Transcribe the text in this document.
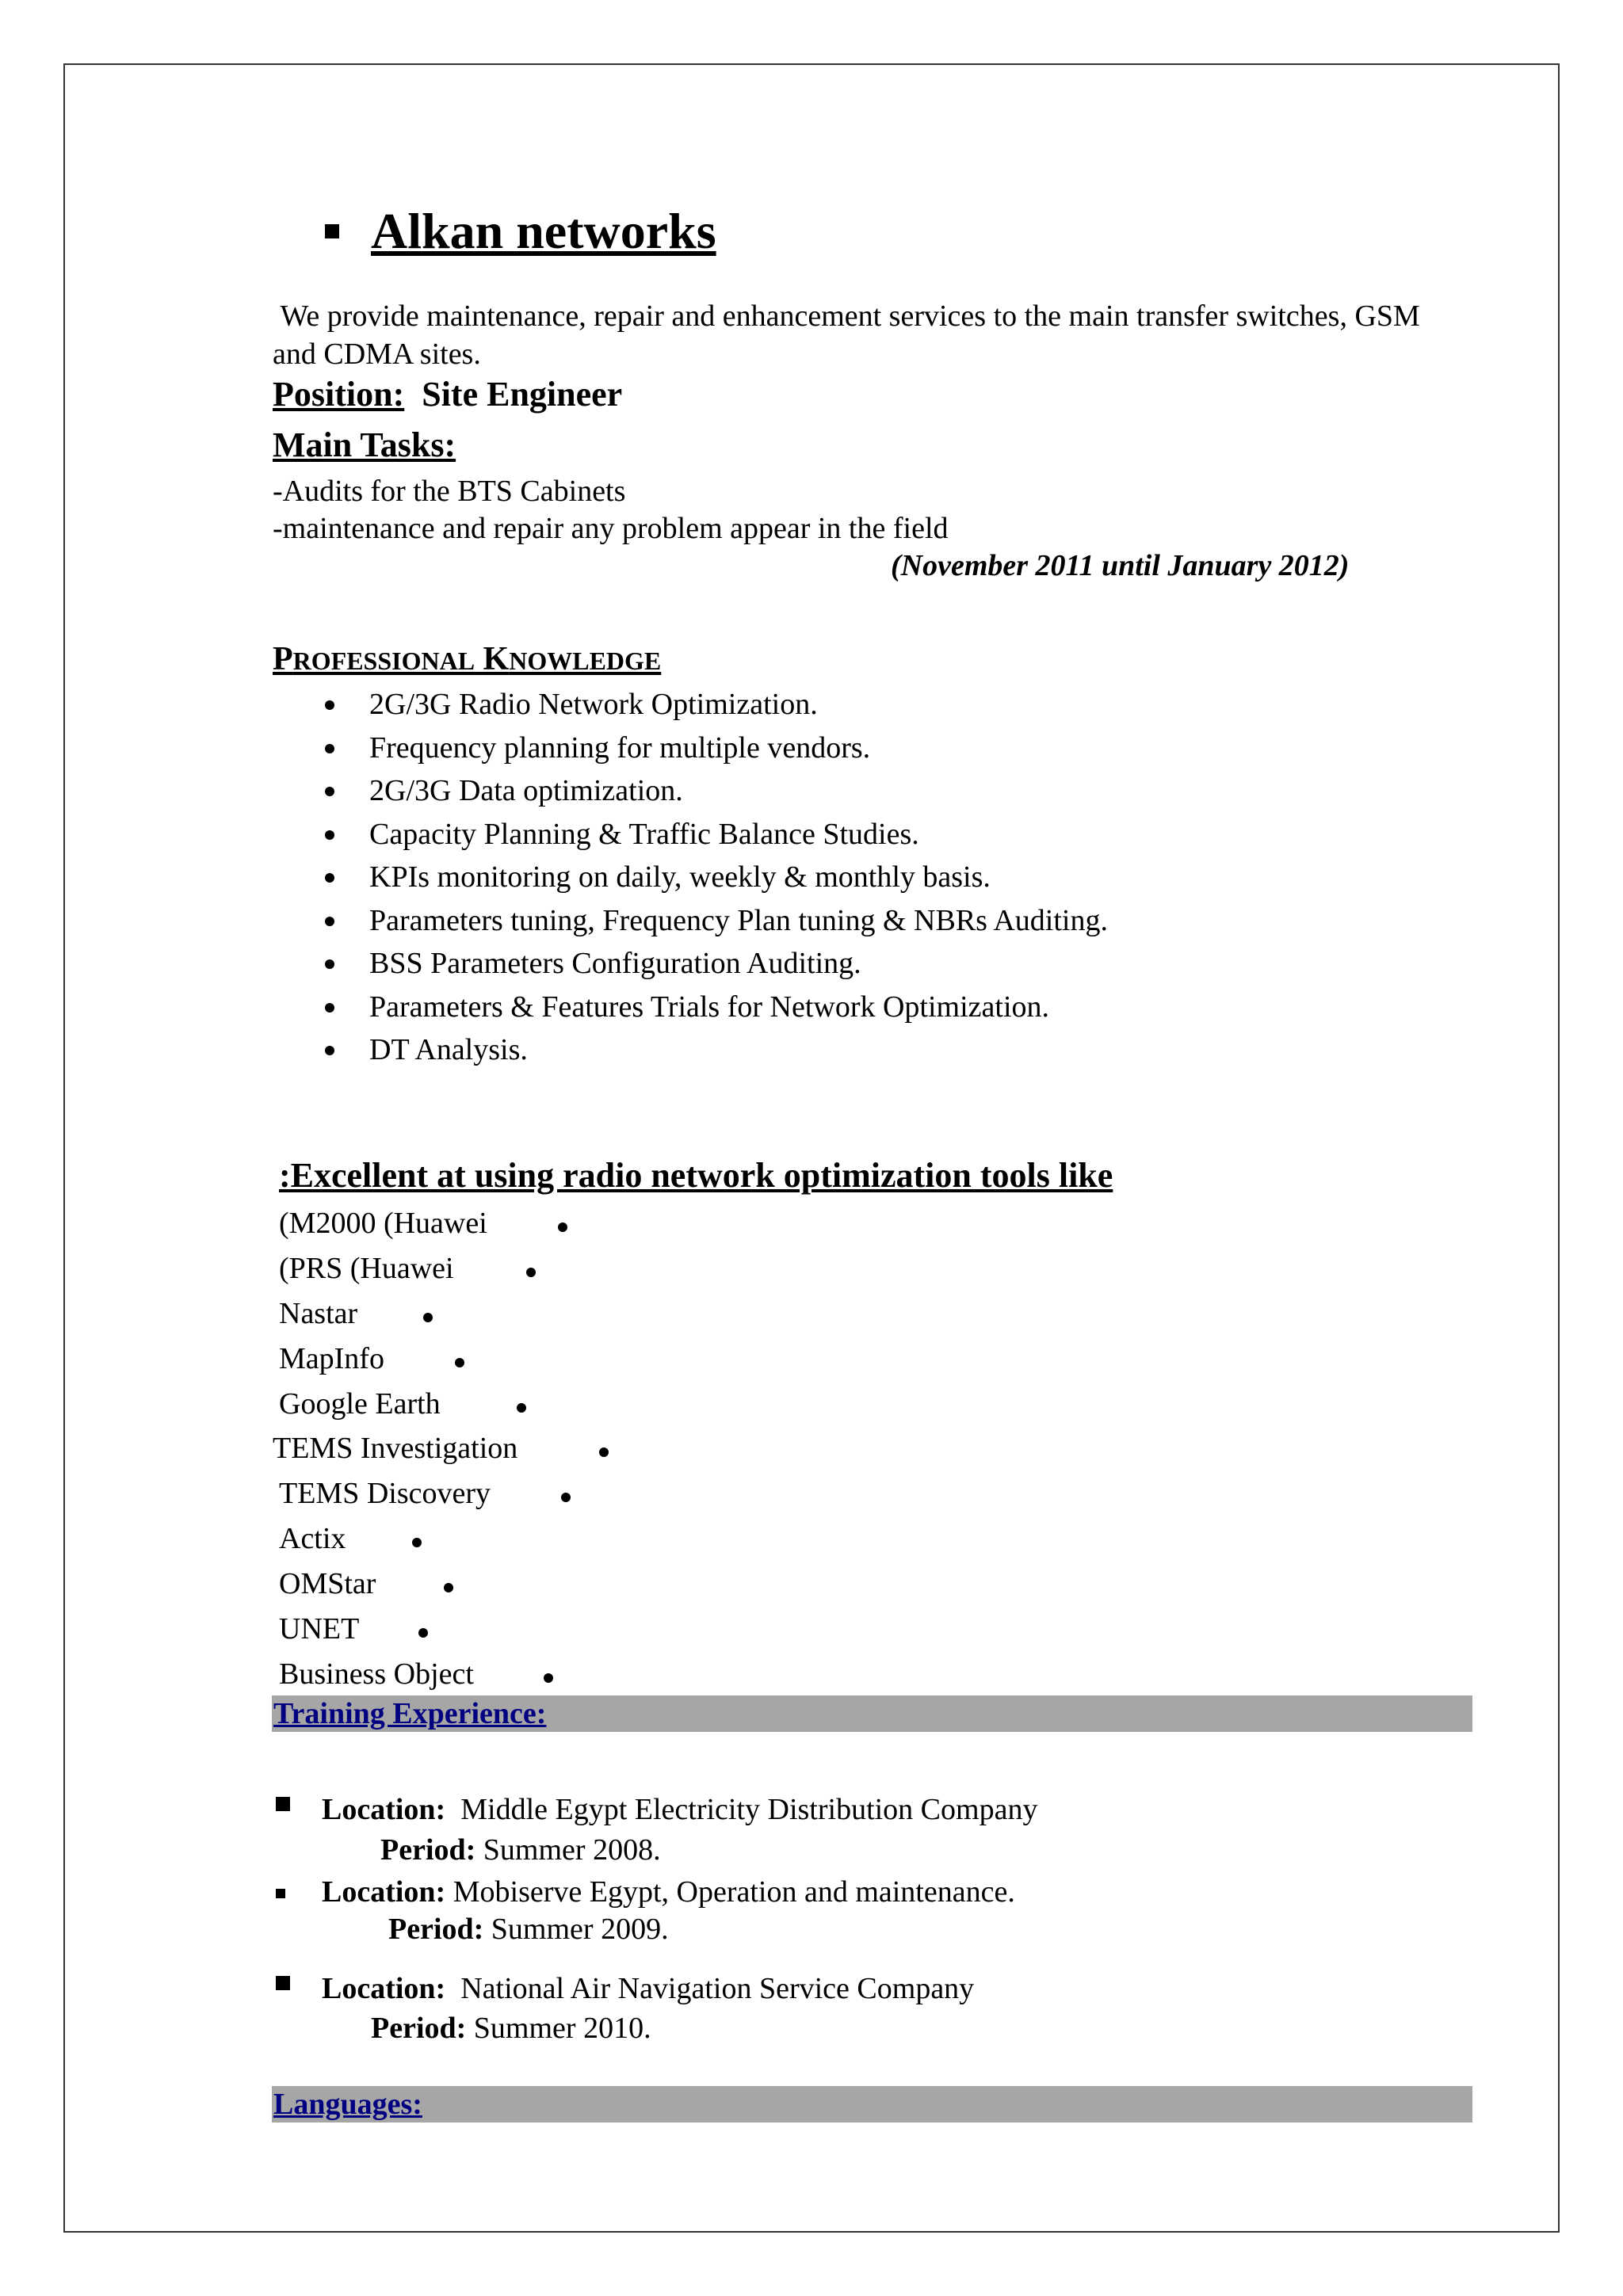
Alkan networks
We provide maintenance, repair and enhancement services to the main transfer switches, GSM and CDMA sites.
Position: Site Engineer
Main Tasks:
-Audits for the BTS Cabinets
-maintenance and repair any problem appear in the field
(November 2011 until January 2012)
PROFESSIONAL KNOWLEDGE
2G/3G Radio Network Optimization.
Frequency planning for multiple vendors.
2G/3G Data optimization.
Capacity Planning & Traffic Balance Studies.
KPIs monitoring on daily, weekly & monthly basis.
Parameters tuning, Frequency Plan tuning & NBRs Auditing.
BSS Parameters Configuration Auditing.
Parameters & Features Trials for Network Optimization.
DT Analysis.
:Excellent at using radio network optimization tools like
(M2000 (Huawei
(PRS (Huawei
Nastar
MapInfo
Google Earth
TEMS Investigation
TEMS Discovery
Actix
OMStar
UNET
Business Object
Training Experience:
Location: Middle Egypt Electricity Distribution Company
Period: Summer 2008.
Location: Mobiserve Egypt, Operation and maintenance.
Period: Summer 2009.
Location: National Air Navigation Service Company
Period: Summer 2010.
Languages:
